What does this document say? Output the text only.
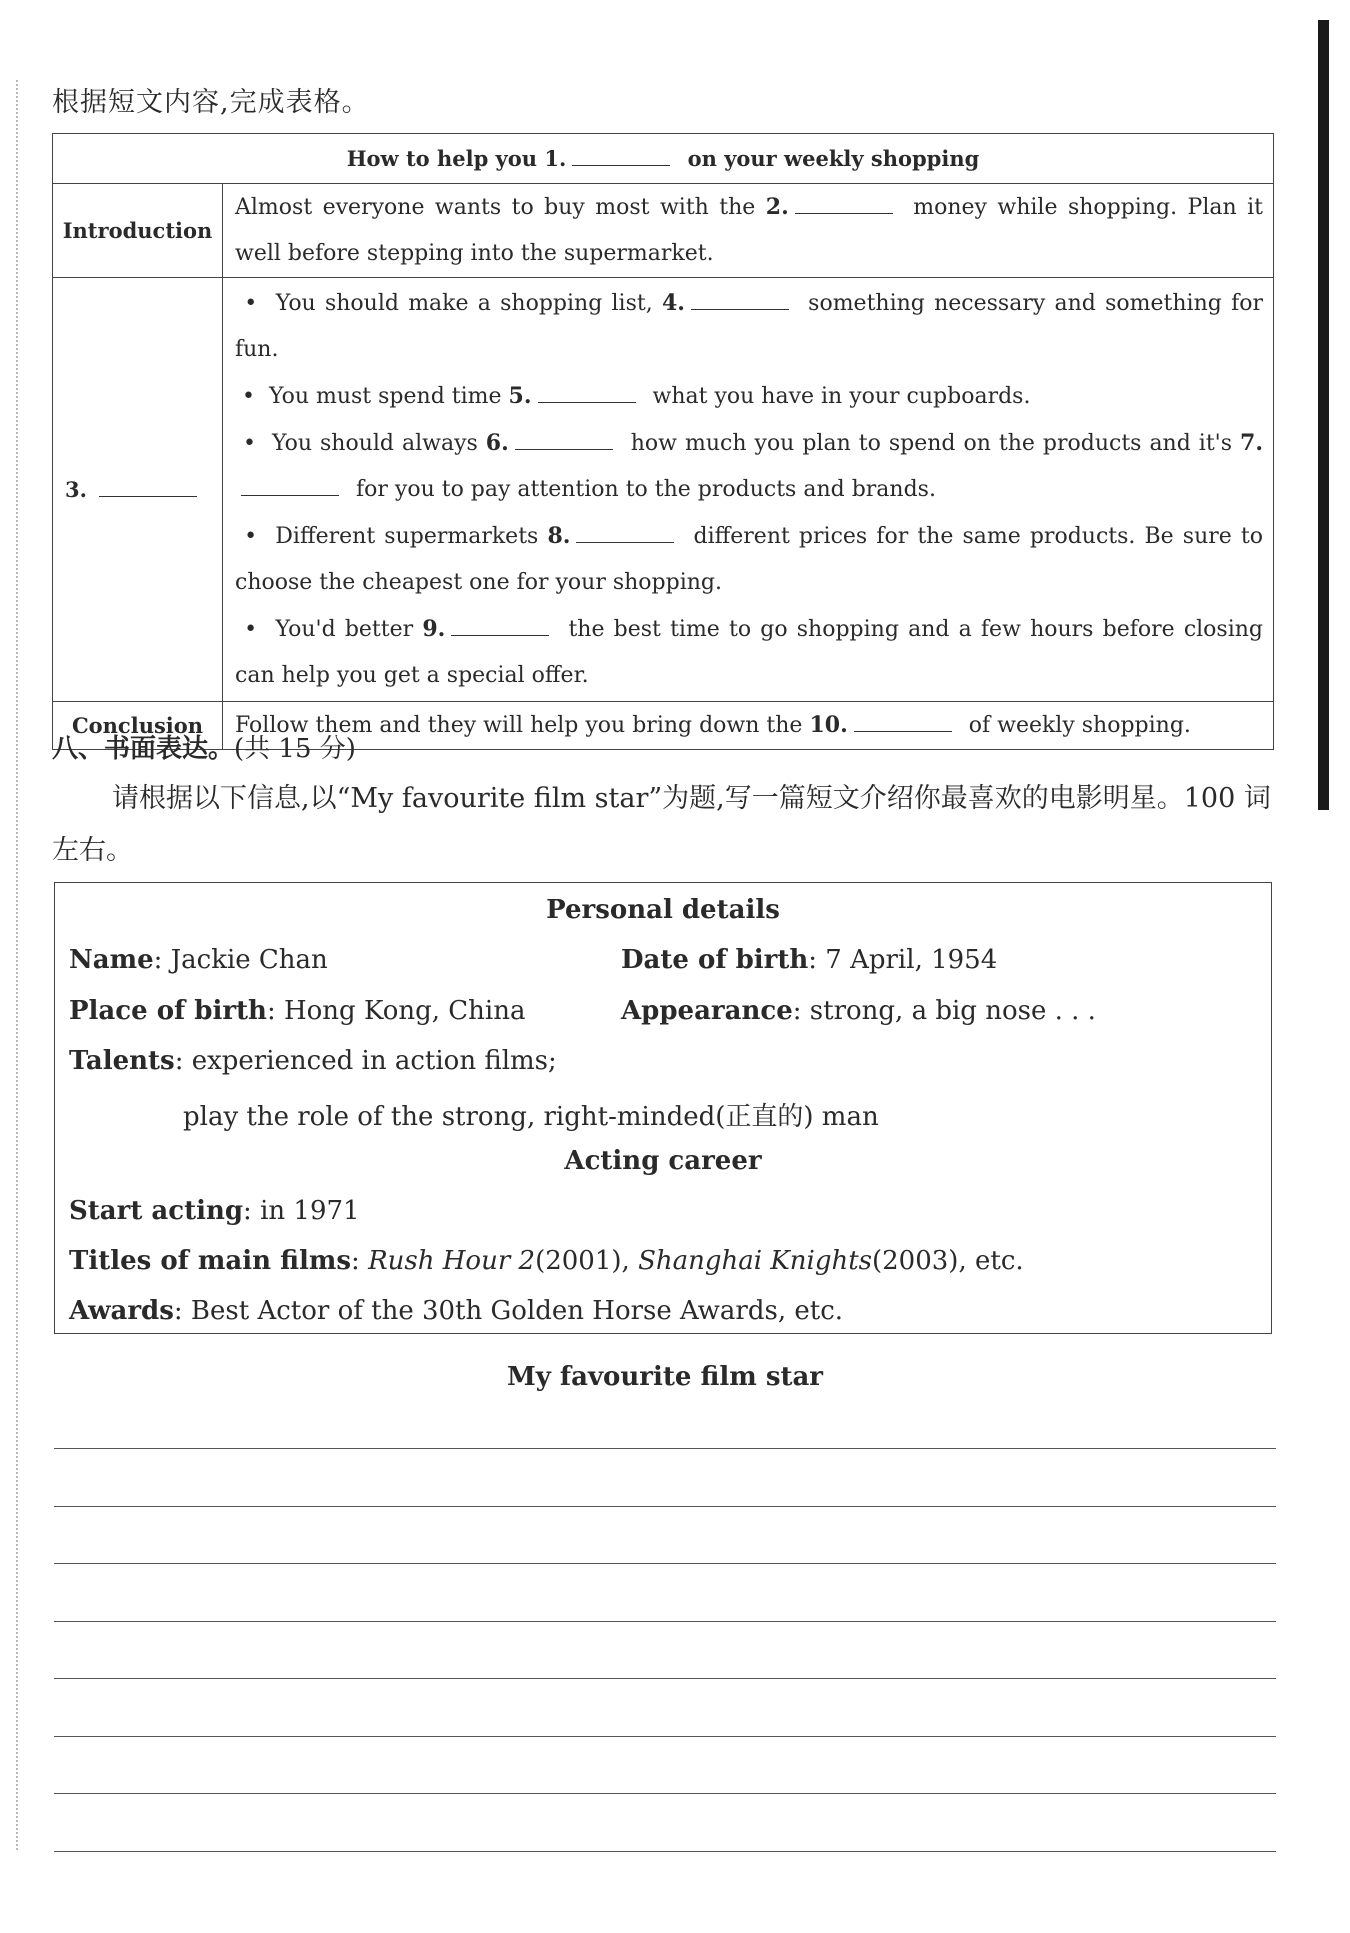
根据短文内容,完成表格。
How to help you 1. on your weekly shopping	
Introduction	Almost everyone wants to buy most with the 2. money while shopping. Plan it well before stepping into the supermarket.
3.	•  You should make a shopping list, 4. something necessary and something for fun.
•  You must spend time 5. what you have in your cupboards.
•  You should always 6. how much you plan to spend on the products and it's 7. for you to pay attention to the products and brands.
•  Different supermarkets 8. different prices for the same products. Be sure to choose the cheapest one for your shopping.
•  You'd better 9. the best time to go shopping and a few hours before closing can help you get a special offer.

Conclusion	Follow them and they will help you bring down the 10. of weekly shopping.
八、书面表达。(共 15 分)
请根据以下信息,以“My favourite film star”为题,写一篇短文介绍你最喜欢的电影明星。100 词左右。
Personal details
Name: Jackie Chan	Date of birth: 7 April, 1954
Place of birth: Hong Kong, China	Appearance: strong, a big nose . . .
Talents: experienced in action films;
play the role of the strong, right-minded(正直的) man
Acting career
Start acting: in 1971
Titles of main films: Rush Hour 2(2001), Shanghai Knights(2003), etc.
Awards: Best Actor of the 30th Golden Horse Awards, etc.
My favourite film star
